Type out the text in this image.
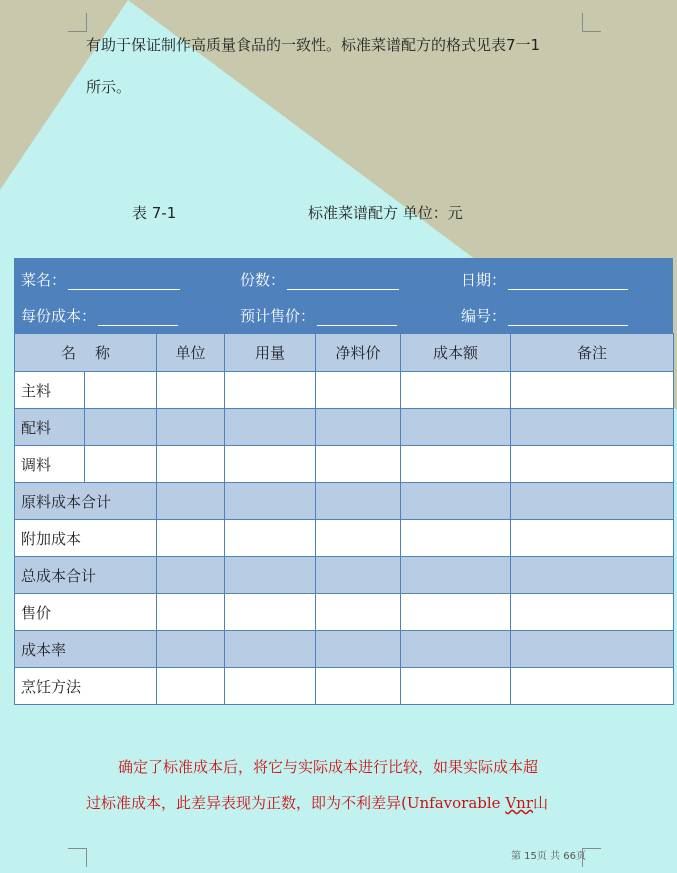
有助于保证制作高质量食品的一致性。标准菜谱配方的格式见表7一1
所示。
表 7-1	标准菜谱配方 单位：元
菜名：	份数：	日期：
每份成本：	预计售价：	编号：
名    称		单位	用量	净料价	成本额	备注
主料						
配料						
调料						
原料成本合计						
附加成本						
总成本合计						
售价						
成本率						
烹饪方法						
确定了标准成本后，将它与实际成本进行比较，如果实际成本超
过标准成本，此差异表现为正数，即为不利差异(Unfavorable Vnr山
第 15页 共 66页
